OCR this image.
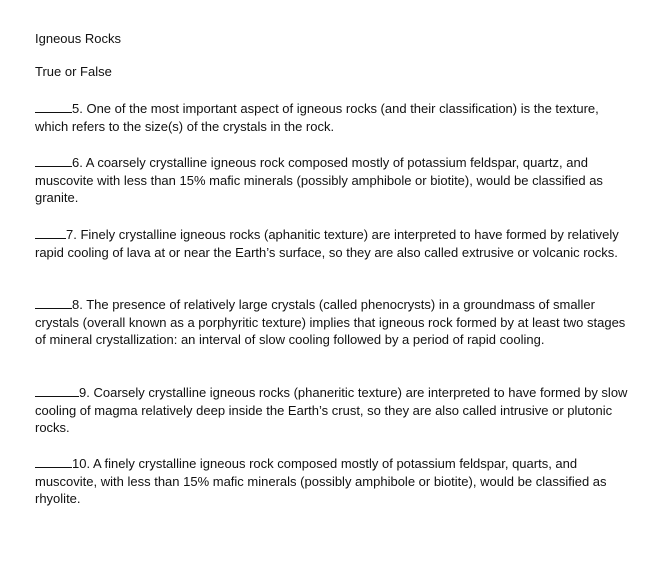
Igneous Rocks

True or False

5. One of the most important aspect of igneous rocks (and their classification) is the texture, which refers to the size(s) of the crystals in the rock.

6. A coarsely crystalline igneous rock composed mostly of potassium feldspar, quartz, and muscovite with less than 15% mafic minerals (possibly amphibole or biotite), would be classified as granite.

7. Finely crystalline igneous rocks (aphanitic texture) are interpreted to have formed by relatively rapid cooling of lava at or near the Earth’s surface, so they are also called extrusive or volcanic rocks.

8. The presence of relatively large crystals (called phenocrysts) in a groundmass of smaller crystals (overall known as a porphyritic texture) implies that igneous rock formed by at least two stages of mineral crystallization: an interval of slow cooling followed by a period of rapid cooling.

9. Coarsely crystalline igneous rocks (phaneritic texture) are interpreted to have formed by slow cooling of magma relatively deep inside the Earth’s crust, so they are also called intrusive or plutonic rocks.

10. A finely crystalline igneous rock composed mostly of potassium feldspar, quarts, and muscovite, with less than 15% mafic minerals (possibly amphibole or biotite), would be classified as rhyolite.
